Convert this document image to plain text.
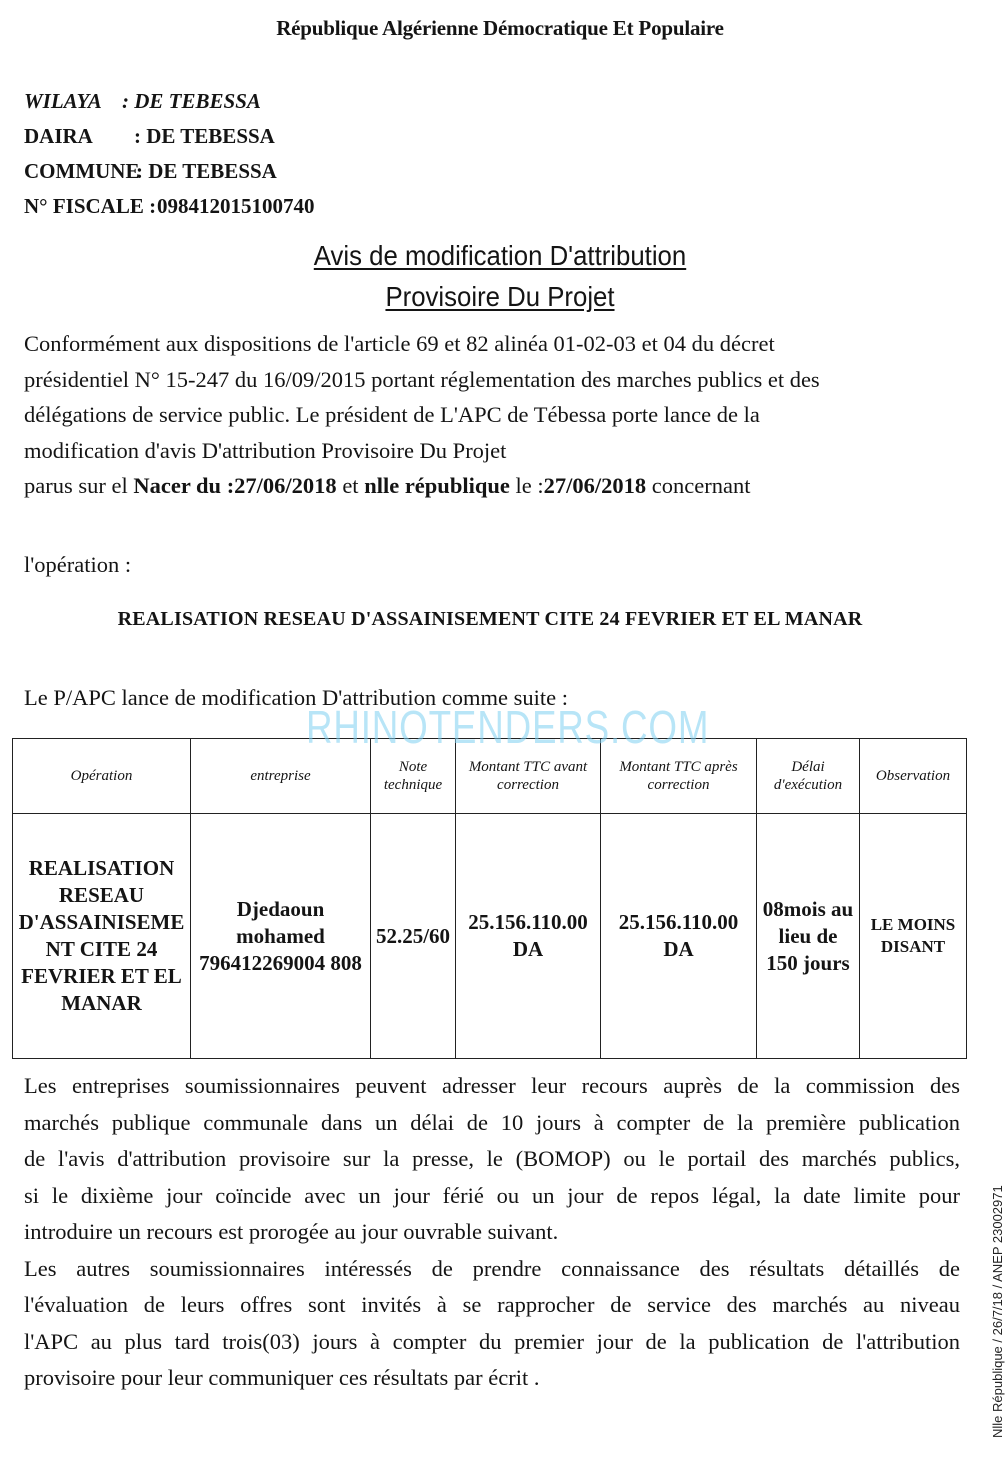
République Algérienne Démocratique Et Populaire
WILAYA : DE TEBESSA
DAIRA : DE TEBESSA
COMMUNE: DE TEBESSA
N° FISCALE :098412015100740
Avis de modification D'attribution
Provisoire Du Projet
Conformément aux dispositions de l'article 69 et 82 alinéa 01-02-03 et 04 du décret
présidentiel N° 15-247 du 16/09/2015 portant réglementation des marches publics et des
délégations de service public. Le président de L'APC de Tébessa porte lance de la
modification d'avis D'attribution Provisoire Du Projet
parus sur el Nacer du :27/06/2018 et nlle république le :27/06/2018 concernant
l'opération :
REALISATION RESEAU D'ASSAINISEMENT CITE 24 FEVRIER ET EL MANAR
Le P/APC lance de modification D'attribution comme suite :
Opération	entreprise	Note technique	Montant TTC avant correction	Montant TTC après correction	Délai d'exécution	Observation
REALISATION RESEAU D'ASSAINISEME NT CITE 24 FEVRIER ET EL MANAR	Djedaoun mohamed 796412269004 808	52.25/60	25.156.110.00 DA	25.156.110.00 DA	08mois au lieu de 150 jours	LE MOINS DISANT
RHINOTENDERS.COM
Les entreprises soumissionnaires peuvent adresser leur recours auprès de la commission des
marchés publique communale dans un délai de 10 jours à compter de la première publication
de l'avis d'attribution provisoire sur la presse, le (BOMOP) ou le portail des marchés publics,
si le dixième jour coïncide avec un jour férié ou un jour de repos légal, la date limite pour
introduire un recours est prorogée au jour ouvrable suivant.
Les autres soumissionnaires intéressés de prendre connaissance des résultats détaillés de
l'évaluation de leurs offres sont invités à se rapprocher de service des marchés au niveau
l'APC au plus tard trois(03) jours à compter du premier jour de la publication de l'attribution
provisoire pour leur communiquer ces résultats par écrit .	Nlle République / 26/7/18 / ANEP 23002971
